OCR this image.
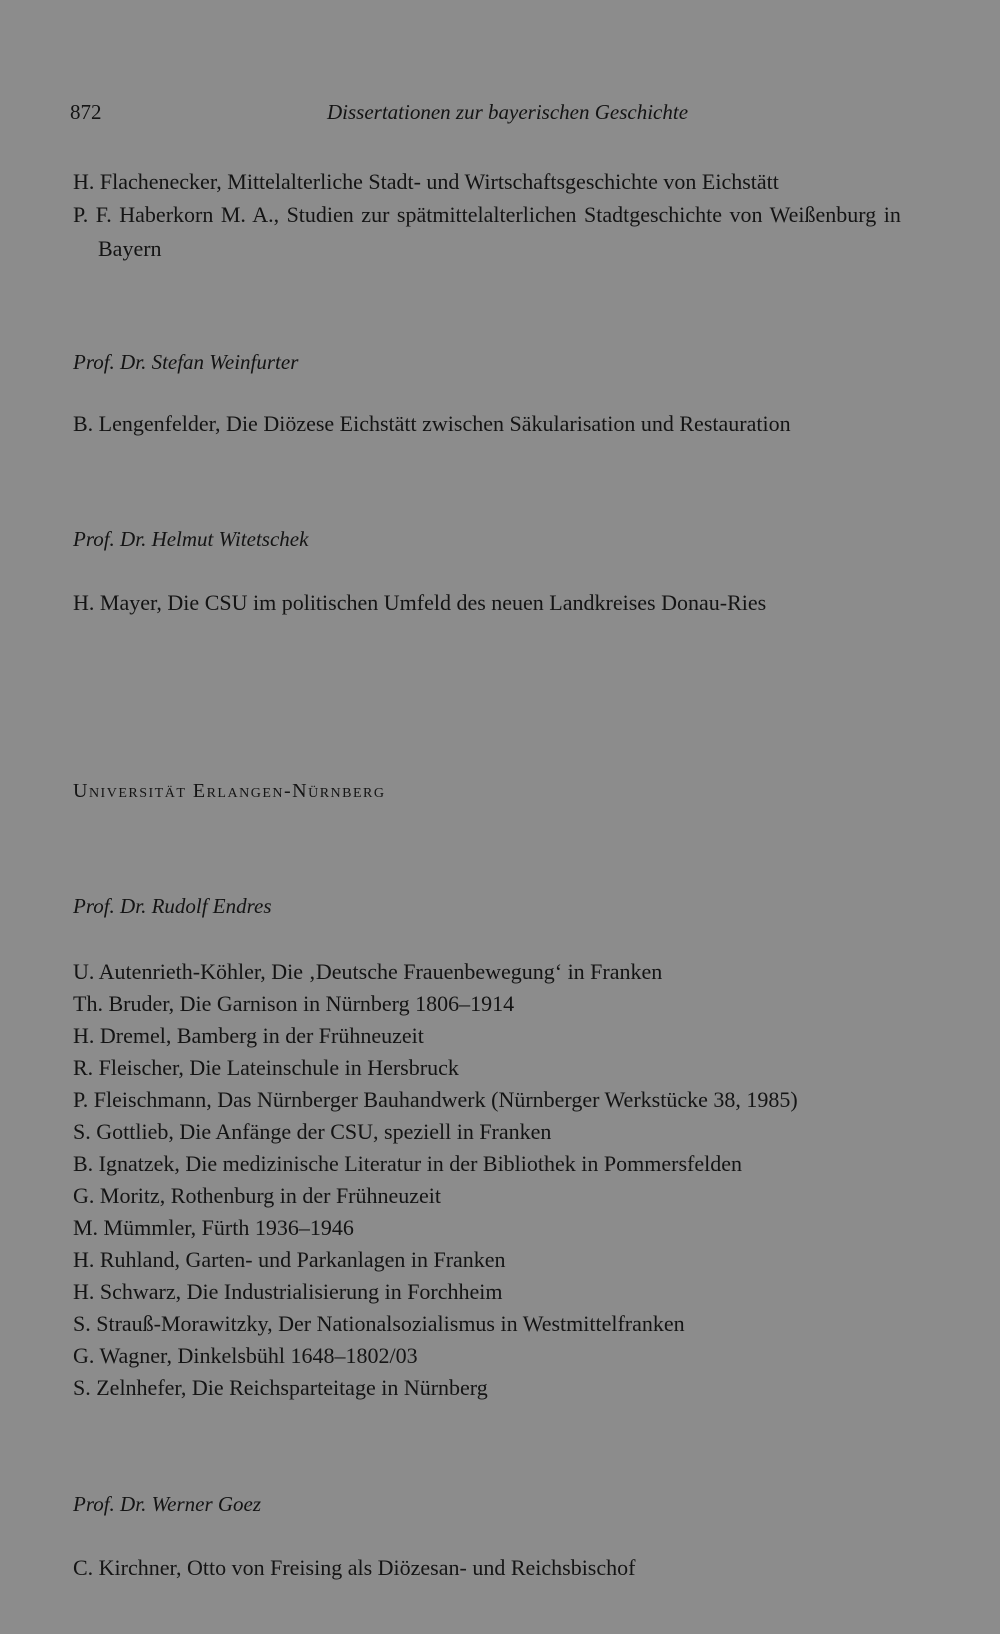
872	Dissertationen zur bayerischen Geschichte
H. Flachenecker, Mittelalterliche Stadt- und Wirtschaftsgeschichte von Eichstätt
P. F. Haberkorn M. A., Studien zur spätmittelalterlichen Stadtgeschichte von Weißenburg in Bayern
Prof. Dr. Stefan Weinfurter
B. Lengenfelder, Die Diözese Eichstätt zwischen Säkularisation und Restauration
Prof. Dr. Helmut Witetschek
H. Mayer, Die CSU im politischen Umfeld des neuen Landkreises Donau-Ries
Universität Erlangen-Nürnberg
Prof. Dr. Rudolf Endres
U. Autenrieth-Köhler, Die ‚Deutsche Frauenbewegung‘ in Franken
Th. Bruder, Die Garnison in Nürnberg 1806–1914
H. Dremel, Bamberg in der Frühneuzeit
R. Fleischer, Die Lateinschule in Hersbruck
P. Fleischmann, Das Nürnberger Bauhandwerk (Nürnberger Werkstücke 38, 1985)
S. Gottlieb, Die Anfänge der CSU, speziell in Franken
B. Ignatzek, Die medizinische Literatur in der Bibliothek in Pommersfelden
G. Moritz, Rothenburg in der Frühneuzeit
M. Mümmler, Fürth 1936–1946
H. Ruhland, Garten- und Parkanlagen in Franken
H. Schwarz, Die Industrialisierung in Forchheim
S. Strauß-Morawitzky, Der Nationalsozialismus in Westmittelfranken
G. Wagner, Dinkelsbühl 1648–1802/03
S. Zelnhefer, Die Reichsparteitage in Nürnberg
Prof. Dr. Werner Goez
C. Kirchner, Otto von Freising als Diözesan- und Reichsbischof
